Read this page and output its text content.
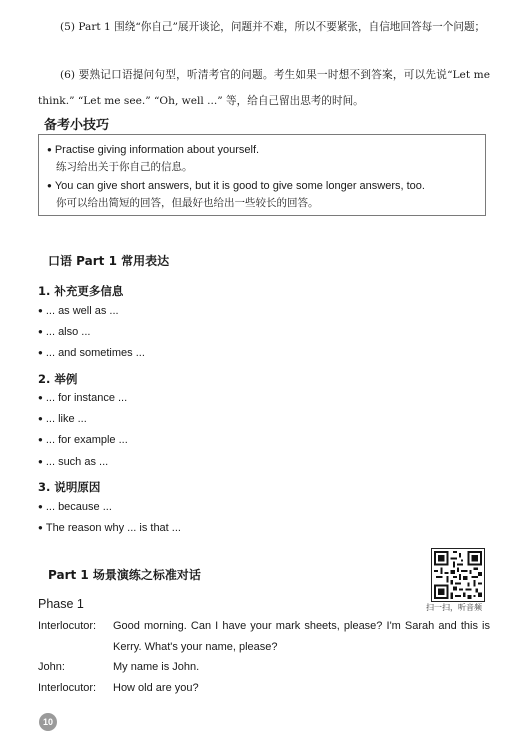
(5) Part 1 围绕“你自己”展开谈论，问题并不难，所以不要紧张，自信地回答每一个问题；
(6) 要熟记口语提问句型，听清考官的问题。考生如果一时想不到答案，可以先说“Let me think.” “Let me see.” “Oh, well ...” 等，给自己留出思考的时间。
备考小技巧
● Practise giving information about yourself.
练习给出关于你自己的信息。
● You can give short answers, but it is good to give some longer answers, too.
你可以给出简短的回答，但最好也给出一些较长的回答。
口语 Part 1 常用表达
1. 补充更多信息
● ... as well as ...
● ... also ...
● ... and sometimes ...
2. 举例
● ... for instance ...
● ... like ...
● ... for example ...
● ... such as ...
3. 说明原因
● ... because ...
● The reason why ... is that ...
Part 1 场景演练之标准对话
扫一扫，听音频
Phase 1
Interlocutor:	Good morning. Can I have your mark sheets, please? I'm Sarah and this is Kerry. What's your name, please?
John:	My name is John.
Interlocutor:	How old are you?
10
